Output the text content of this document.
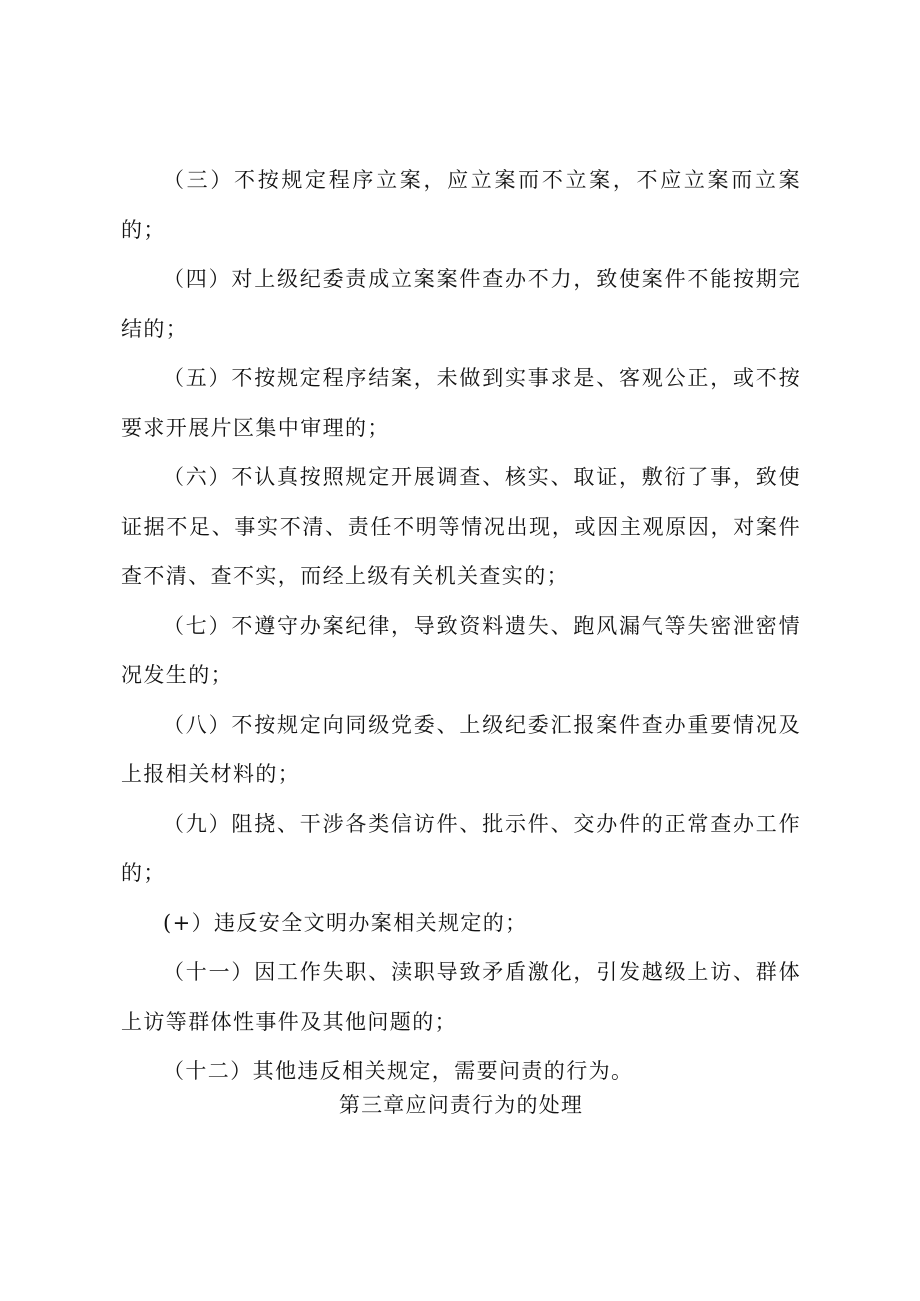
（三）不按规定程序立案，应立案而不立案，不应立案而立案的；

（四）对上级纪委责成立案案件查办不力，致使案件不能按期完结的；

（五）不按规定程序结案，未做到实事求是、客观公正，或不按要求开展片区集中审理的；

（六）不认真按照规定开展调查、核实、取证，敷衍了事，致使证据不足、事实不清、责任不明等情况出现，或因主观原因，对案件查不清、查不实，而经上级有关机关查实的；

（七）不遵守办案纪律，导致资料遗失、跑风漏气等失密泄密情况发生的；

（八）不按规定向同级党委、上级纪委汇报案件查办重要情况及上报相关材料的；

（九）阻挠、干涉各类信访件、批示件、交办件的正常查办工作的；

(+）违反安全文明办案相关规定的；

（十一）因工作失职、渎职导致矛盾激化，引发越级上访、群体上访等群体性事件及其他问题的；

（十二）其他违反相关规定，需要问责的行为。

第三章应问责行为的处理
